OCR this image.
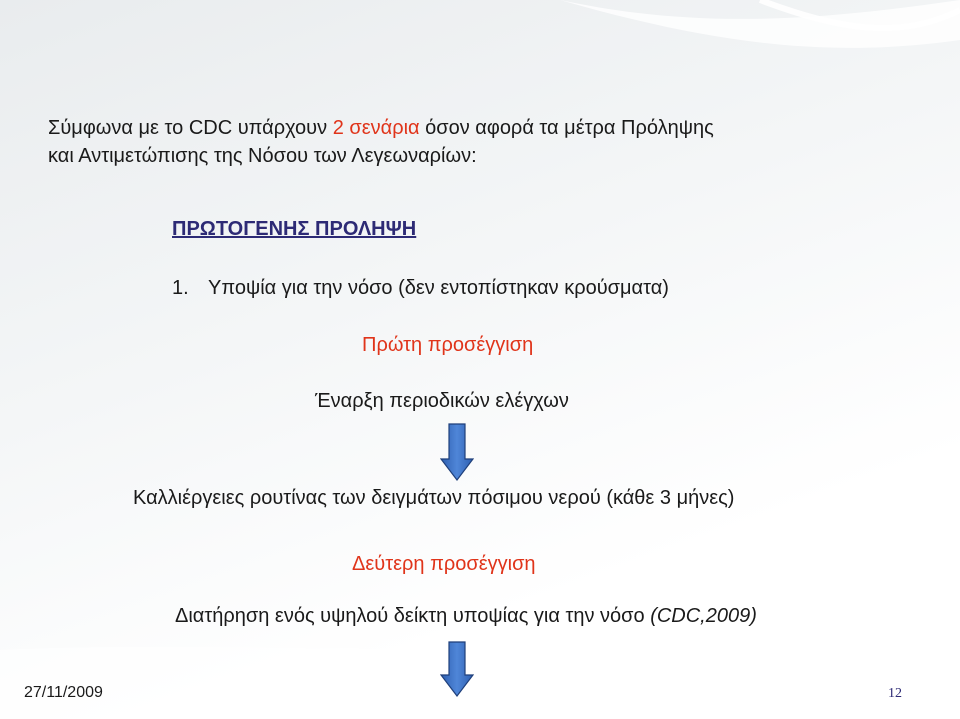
Σύμφωνα με το CDC υπάρχουν 2 σενάρια όσον αφορά τα μέτρα Πρόληψης
και Αντιμετώπισης της Νόσου των Λεγεωναρίων:
ΠΡΩΤΟΓΕΝΗΣ ΠΡΟΛΗΨΗ
1. Υποψία για την νόσο (δεν εντοπίστηκαν κρούσματα)
Πρώτη προσέγγιση
Έναρξη περιοδικών ελέγχων
Καλλιέργειες ρουτίνας των δειγμάτων πόσιμου νερού (κάθε 3 μήνες)
Δεύτερη προσέγγιση
Διατήρηση ενός υψηλού δείκτη υποψίας για την νόσο (CDC,2009)
27/11/2009	12
